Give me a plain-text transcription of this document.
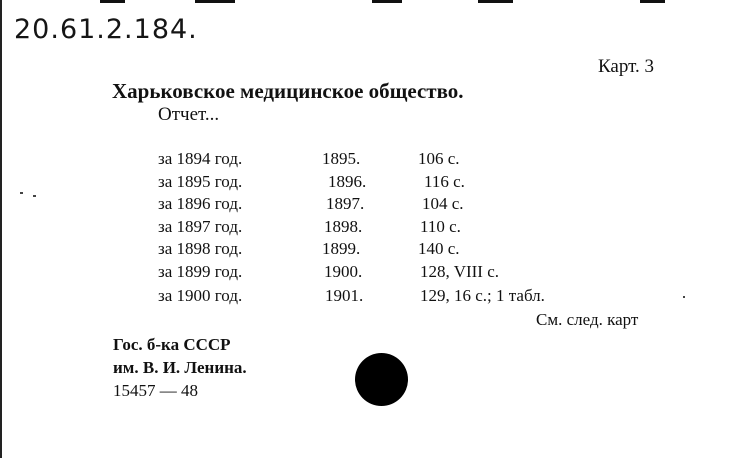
20.61.2.184.
Карт. 3
Харьковское медицинское общество.
Отчет...
за 1894 год.	1895.	106 с.
за 1895 год.	1896.	116 с.
за 1896 год.	1897.	104 с.
за 1897 год.	1898.	110 с.
за 1898 год.	1899.	140 с.
за 1899 год.	1900.	128, VIII с.
за 1900 год.	1901.	129, 16 с.; 1 табл.
См. след. карт
Гос. б-ка СССР
им. В. И. Ленина.
15457 — 48
